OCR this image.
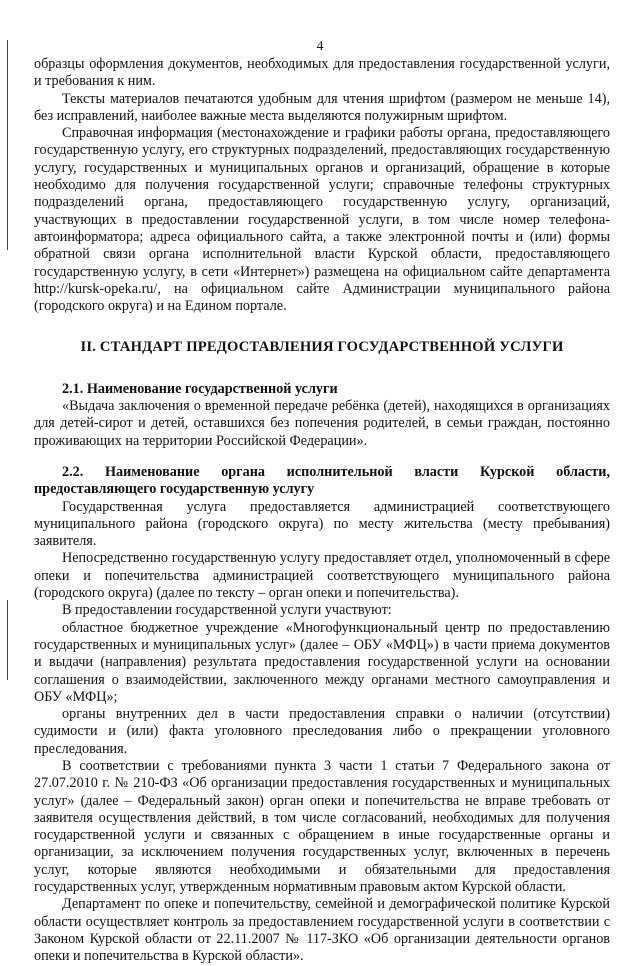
4

образцы оформления документов, необходимых для предоставления государственной услуги, и требования к ним.

Тексты материалов печатаются удобным для чтения шрифтом (размером не меньше 14), без исправлений, наиболее важные места выделяются полужирным шрифтом.

Справочная информация (местонахождение и графики работы органа, предоставляющего государственную услугу, его структурных подразделений, предоставляющих государственную услугу, государственных и муниципальных органов и организаций, обращение в которые необходимо для получения государственной услуги; справочные телефоны структурных подразделений органа, предоставляющего государственную услугу, организаций, участвующих в предоставлении государственной услуги, в том числе номер телефона-автоинформатора; адреса официального сайта, а также электронной почты и (или) формы обратной связи органа исполнительной власти Курской области, предоставляющего государственную услугу, в сети «Интернет») размещена на официальном сайте департамента http://kursk-opeka.ru/, на официальном сайте Администрации муниципального района (городского округа) и на Едином портале.

II. СТАНДАРТ ПРЕДОСТАВЛЕНИЯ ГОСУДАРСТВЕННОЙ УСЛУГИ

2.1. Наименование государственной услуги

«Выдача заключения о временной передаче ребёнка (детей), находящихся в организациях для детей-сирот и детей, оставшихся без попечения родителей, в семьи граждан, постоянно проживающих на территории Российской Федерации».

2.2. Наименование органа исполнительной власти Курской области, предоставляющего государственную услугу

Государственная услуга предоставляется администрацией соответствующего муниципального района (городского округа) по месту жительства (месту пребывания) заявителя.

Непосредственно государственную услугу предоставляет отдел, уполномоченный в сфере опеки и попечительства администрацией соответствующего муниципального района (городского округа) (далее по тексту – орган опеки и попечительства).

В предоставлении государственной услуги участвуют:

областное бюджетное учреждение «Многофункциональный центр по предоставлению государственных и муниципальных услуг» (далее – ОБУ «МФЦ») в части приема документов и выдачи (направления) результата предоставления государственной услуги на основании соглашения о взаимодействии, заключенного между органами местного самоуправления и ОБУ «МФЦ»;

органы внутренних дел в части предоставления справки о наличии (отсутствии) судимости и (или) факта уголовного преследования либо о прекращении уголовного преследования.

В соответствии с требованиями пункта 3 части 1 статьи 7 Федерального закона от 27.07.2010 г. № 210-ФЗ «Об организации предоставления государственных и муниципальных услуг» (далее – Федеральный закон) орган опеки и попечительства не вправе требовать от заявителя осуществления действий, в том числе согласований, необходимых для получения государственной услуги и связанных с обращением в иные государственные органы и организации, за исключением получения государственных услуг, включенных в перечень услуг, которые являются необходимыми и обязательными для предоставления государственных услуг, утвержденным нормативным правовым актом Курской области.

Департамент по опеке и попечительству, семейной и демографической политике Курской области осуществляет контроль за предоставлением государственной услуги в соответствии с Законом Курской области от 22.11.2007 № 117-ЗКО «Об организации деятельности органов опеки и попечительства в Курской области».
